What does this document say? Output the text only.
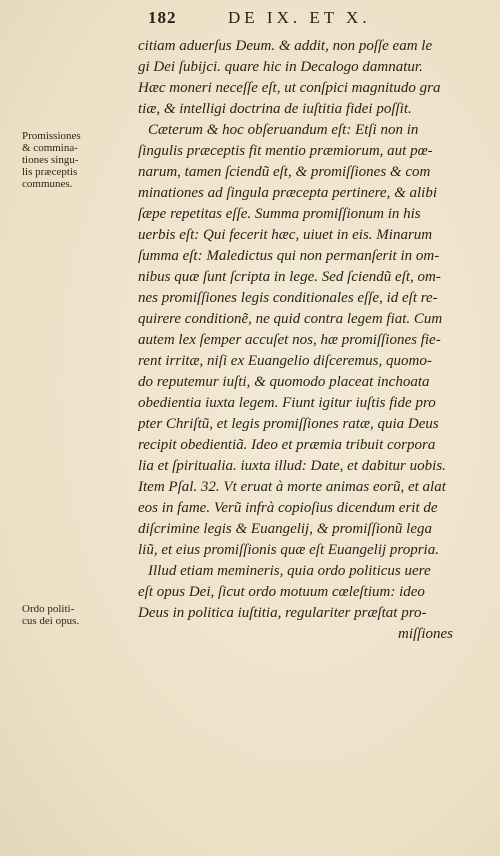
182	DE IX. ET X.
Promissiones
& commina-
tiones singu-
lis præceptis
communes.
Ordo politi-
cus dei opus.
citiam aduerſus Deum. & addit, non poſſe eam le
gi Dei ſubijci. quare hic in Decalogo damnatur.
Hæc moneri neceſſe eſt, ut conſpici magnitudo gra
tiæ, & intelligi doctrina de iuſtitia fidei poſſit.
Cæterum & hoc obſeruandum eſt: Etſi non in
ſingulis præceptis fit mentio præmiorum, aut pœ-
narum, tamen ſciendũ eſt, & promiſſiones & com
minationes ad ſingula præcepta pertinere, & alibi
ſæpe repetitas eſſe. Summa promiſſionum in his
uerbis eſt: Qui fecerit hæc, uiuet in eis. Minarum
ſumma eſt: Maledictus qui non permanſerit in om-
nibus quæ ſunt ſcripta in lege. Sed ſciendũ eſt, om-
nes promiſſiones legis conditionales eſſe, id eſt re-
quirere conditionẽ, ne quid contra legem fiat. Cum
autem lex ſemper accuſet nos, hæ promiſſiones fie-
rent irritæ, niſi ex Euangelio diſceremus, quomo-
do reputemur iuſti, & quomodo placeat inchoata
obedientia iuxta legem. Fiunt igitur iuſtis fide pro
pter Chriſtũ, et legis promiſſiones ratæ, quia Deus
recipit obedientiã. Ideo et præmia tribuit corpora
lia et ſpiritualia. iuxta illud: Date, et dabitur uobis.
Item Pſal. 32. Vt eruat à morte animas eorũ, et alat
eos in fame. Verũ infrà copioſius dicendum erit de
diſcrimine legis & Euangelij, & promiſſionũ lega
liũ, et eius promiſſionis quæ eſt Euangelij propria.
Illud etiam memineris, quia ordo politicus uere
eſt opus Dei, ſicut ordo motuum cœleſtium: ideo
Deus in politica iuſtitia, regulariter præſtat pro-
miſſiones
